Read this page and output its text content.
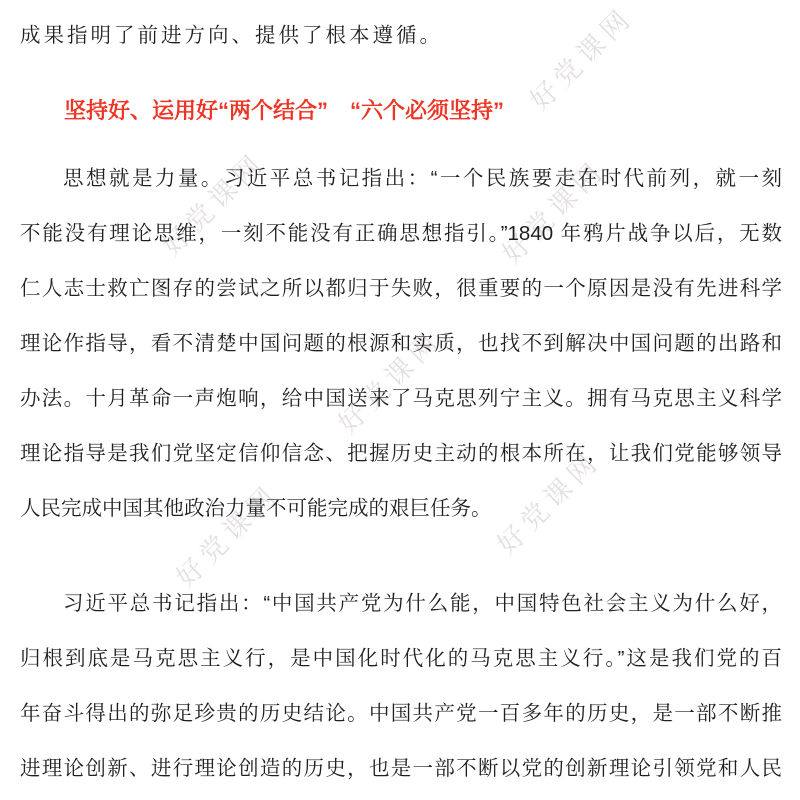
好党课网
好党课网	好党课网
好党课网
好党课网	好党课网
成果指明了前进方向、提供了根本遵循。
坚持好、运用好“两个结合”　“六个必须坚持”
思想就是力量。习近平总书记指出：“一个民族要走在时代前列，就一刻
不能没有理论思维，一刻不能没有正确思想指引。”1840 年鸦片战争以后，无数
仁人志士救亡图存的尝试之所以都归于失败，很重要的一个原因是没有先进科学
理论作指导，看不清楚中国问题的根源和实质，也找不到解决中国问题的出路和
办法。十月革命一声炮响，给中国送来了马克思列宁主义。拥有马克思主义科学
理论指导是我们党坚定信仰信念、把握历史主动的根本所在，让我们党能够领导
人民完成中国其他政治力量不可能完成的艰巨任务。
习近平总书记指出：“中国共产党为什么能，中国特色社会主义为什么好，
归根到底是马克思主义行，是中国化时代化的马克思主义行。”这是我们党的百
年奋斗得出的弥足珍贵的历史结论。中国共产党一百多年的历史，是一部不断推
进理论创新、进行理论创造的历史，也是一部不断以党的创新理论引领党和人民
